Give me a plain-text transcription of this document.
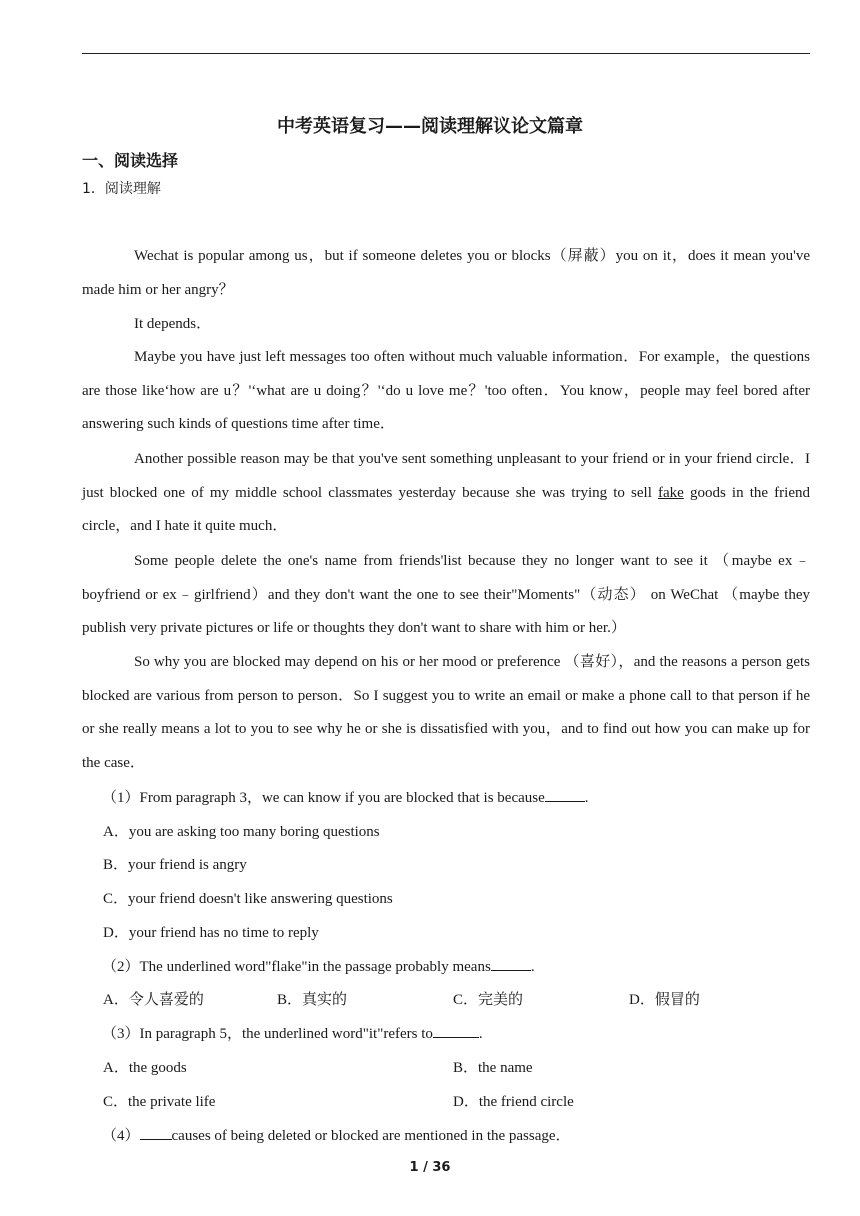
中考英语复习——阅读理解议论文篇章
一、阅读选择
1．阅读理解

Wechat is popular among us，but if someone deletes you or blocks（屏蔽）you on it，does it mean you've made him or her angry？

It depends．

Maybe you have just left messages too often without much valuable information．For example，the questions are those like‘how are u？'‘what are u doing？'‘do u love me？'too often．You know，people may feel bored after answering such kinds of questions time after time．

Another possible reason may be that you've sent something unpleasant to your friend or in your friend circle．I just blocked one of my middle school classmates yesterday because she was trying to sell fake goods in the friend circle，and I hate it quite much．

Some people delete the one's name from friends'list because they no longer want to see it （maybe ex﹣boyfriend or ex﹣girlfriend）and they don't want the one to see their"Moments"（动态） on WeChat （maybe they publish very private pictures or life or thoughts they don't want to share with him or her.）

So why you are blocked may depend on his or her mood or preference （喜好），and the reasons a person gets blocked are various from person to person．So I suggest you to write an email or make a phone call to that person if he or she really means a lot to you to see why he or she is dissatisfied with you，and to find out how you can make up for the case．

（1）From paragraph 3，we can know if you are blocked that is because	.
A．you are asking too many boring questions
B．your friend is angry
C．your friend doesn't like answering questions
D．your friend has no time to reply
（2）The underlined word"flake"in the passage probably means	.
A．令人喜爱的	B．真实的	C．完美的	D．假冒的
（3）In paragraph 5，the underlined word"it"refers to	.
A．the goods	B．the name
C．the private life	D．the friend circle
（4） causes of being deleted or blocked are mentioned in the passage．
1 / 36
